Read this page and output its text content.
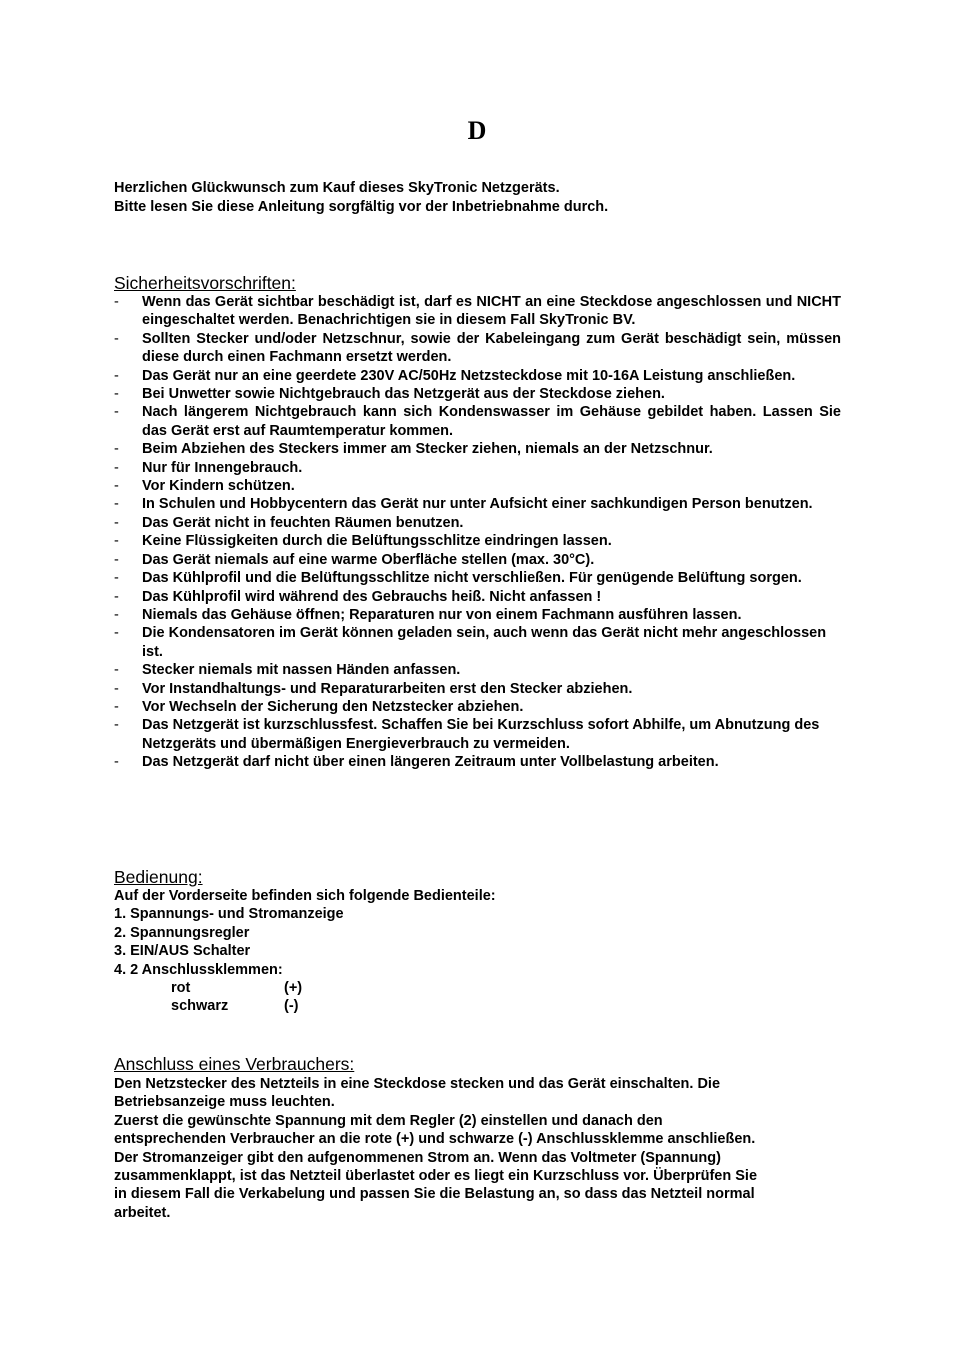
D
Herzlichen Glückwunsch zum Kauf dieses SkyTronic Netzgeräts.
Bitte lesen Sie diese Anleitung sorgfältig vor der Inbetriebnahme durch.
Sicherheitsvorschriften:
- Wenn das Gerät sichtbar beschädigt ist, darf es NICHT an eine Steckdose angeschlossen und NICHT eingeschaltet werden. Benachrichtigen sie in diesem Fall SkyTronic BV.
- Sollten Stecker und/oder Netzschnur, sowie der Kabeleingang zum Gerät beschädigt sein, müssen diese durch einen Fachmann ersetzt werden.
- Das Gerät nur an eine geerdete 230V AC/50Hz Netzsteckdose mit 10-16A Leistung anschließen.
- Bei Unwetter sowie Nichtgebrauch das Netzgerät aus der Steckdose ziehen.
- Nach längerem Nichtgebrauch kann sich Kondenswasser im Gehäuse gebildet haben. Lassen Sie das Gerät erst auf Raumtemperatur kommen.
- Beim Abziehen des Steckers immer am Stecker ziehen, niemals an der Netzschnur.
- Nur für Innengebrauch.
- Vor Kindern schützen.
- In Schulen und Hobbycentern das Gerät nur unter Aufsicht einer sachkundigen Person benutzen.
- Das Gerät nicht in feuchten Räumen benutzen.
- Keine Flüssigkeiten durch die Belüftungsschlitze eindringen lassen.
- Das Gerät niemals auf eine warme Oberfläche stellen (max. 30°C).
- Das Kühlprofil und die Belüftungsschlitze nicht verschließen. Für genügende Belüftung sorgen.
- Das Kühlprofil wird während des Gebrauchs heiß. Nicht anfassen !
- Niemals das Gehäuse öffnen; Reparaturen nur von einem Fachmann ausführen lassen.
- Die Kondensatoren im Gerät können geladen sein, auch wenn das Gerät nicht mehr angeschlossen ist.
- Stecker niemals mit nassen Händen anfassen.
- Vor Instandhaltungs- und Reparaturarbeiten erst den Stecker abziehen.
- Vor Wechseln der Sicherung den Netzstecker abziehen.
- Das Netzgerät ist kurzschlussfest. Schaffen Sie bei Kurzschluss sofort Abhilfe, um Abnutzung des Netzgeräts und übermäßigen Energieverbrauch zu vermeiden.
- Das Netzgerät darf nicht über einen längeren Zeitraum unter Vollbelastung arbeiten.
Bedienung:
Auf der Vorderseite befinden sich folgende Bedienteile:
1. Spannungs- und Stromanzeige
2. Spannungsregler
3. EIN/AUS Schalter
4. 2 Anschlussklemmen:
rot	(+)
schwarz	(-)
Anschluss eines Verbrauchers:
Den Netzstecker des Netzteils in eine Steckdose stecken und das Gerät einschalten. Die
Betriebsanzeige muss leuchten.
Zuerst die gewünschte Spannung mit dem Regler (2) einstellen und danach den
entsprechenden Verbraucher an die rote (+) und schwarze (-) Anschlussklemme anschließen.
Der Stromanzeiger gibt den aufgenommenen Strom an. Wenn das Voltmeter (Spannung)
zusammenklappt, ist das Netzteil überlastet oder es liegt ein Kurzschluss vor. Überprüfen Sie
in diesem Fall die Verkabelung und passen Sie die Belastung an, so dass das Netzteil normal
arbeitet.
